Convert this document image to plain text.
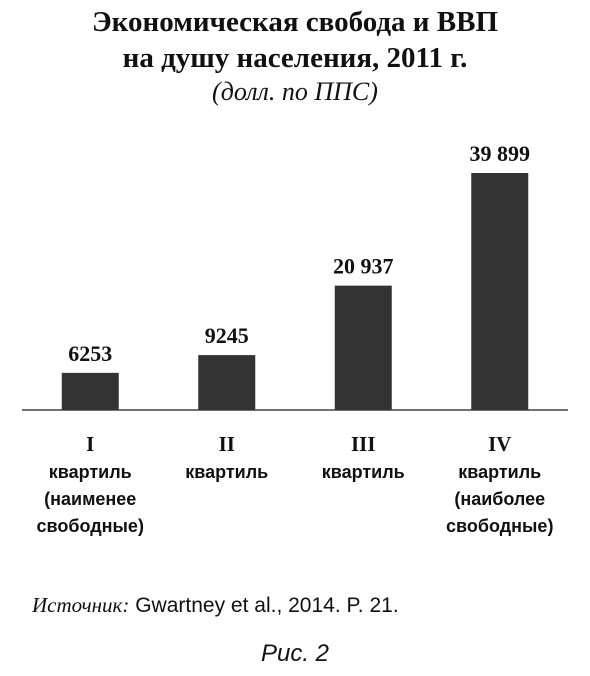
Экономическая свобода и ВВП
на душу населения, 2011 г.
(долл. по ППС)
6253
I
квартиль
(наименее
свободные)
9245
II
квартиль
20 937
III
квартиль
39 899
IV
квартиль
(наиболее
свободные)
Источник: Gwartney et al., 2014. P. 21.
Рис. 2
